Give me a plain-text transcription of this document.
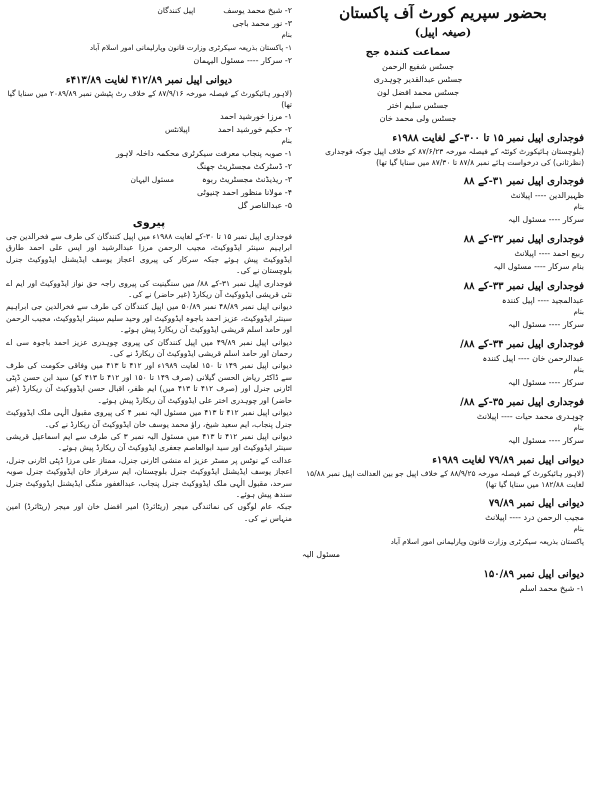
بحضور سپریم کورٹ آف پاکستان
(صیغہ اپیل)
سماعت کنندہ جج
جسٹس شفیع الرحمن
جسٹس عبدالقدیر چوہدری
جسٹس محمد افضل لون
جسٹس سلیم اختر
جسٹس ولی محمد خان
فوجداری اپیل نمبر ۱۵ تا ۳۰۰-کے لغایت ۱۹۸۸ء
(بلوچستان ہائیکورٹ کوئٹہ کے فیصلہ مورخہ ۸۷/۶/۲۳ کے خلاف اپیل جوکہ فوجداری (نظرثانی) کی درخواست ہائے نمبر ۸۷/۸ تا ۸۷/۳۰ میں سنایا گیا تھا)
فوجداری اپیل نمبر ۳۱-کے ۸۸
ظہیرالدین ---- اپیلانٹ
بنام
سرکار ---- مسئول الیہ
فوجداری اپیل نمبر ۳۲-کے ۸۸
ربیع احمد ---- اپیلانٹ
بنام سرکار ---- مسئول الیہ
فوجداری اپیل نمبر ۳۳-کے ۸۸
عبدالمجید ---- اپیل کنندہ
بنام
سرکار ---- مسئول الیہ
فوجداری اپیل نمبر ۳۴-کے ۸۸/
عبدالرحمن خان ---- اپیل کنندہ
بنام
سرکار ---- مسئول الیہ
فوجداری اپیل نمبر ۳۵-کے ۸۸/
چوہدری محمد حیات ---- اپیلانٹ
بنام
سرکار ---- مسئول الیہ
دیوانی اپیل نمبر ۷۹/۸۹ لغایت ۱۹۸۹ء
(لاہور ہائیکورٹ کے فیصلہ مورخہ ۸۸/۹/۲۵ کے خلاف اپیل جو بین العدالت اپیل نمبر ۱۵/۸۸ لغایت ۱۸۲/۸۸ میں سنایا گیا تھا)
دیوانی اپیل نمبر ۷۹/۸۹
مجیب الرحمن درد ---- اپیلانٹ
بنام
پاکستان بذریعہ سیکرٹری وزارت قانون وپارلیمانی امور اسلام آباد
مسئول الیہ
دیوانی اپیل نمبر ۱۵۰/۸۹
۱- شیخ محمد اسلم
۲- شیخ محمد یوسفاپیل کنندگان
۳- نور محمد باجی
بنام
۱- پاکستان بذریعہ سیکرٹری وزارت قانون وپارلیمانی امور اسلام آباد
۲- سرکار ---- مسئول الیہمان
دیوانی اپیل نمبر ۴۱۲/۸۹ لغایت ۴۱۳/۸۹ء
(لاہور ہائیکورٹ کے فیصلہ مورخہ ۸۷/۹/۱۶ کے خلاف رٹ پٹیشن نمبر ۲۰۸۹/۸۹ میں سنایا گیا تھا)
۱- مرزا خورشید احمد
۲- حکیم خورشید احمداپیلانٹس
بنام
۱- صوبہ پنجاب معرفت سیکرٹری محکمہ داخلہ لاہور
۲- ڈسٹرکٹ مجسٹریٹ جھنگ
۳- ریذیڈنٹ مجسٹریٹ ربوہمسئول الیہان
۴- مولانا منظور احمد چنیوٹی
۵- عبدالناصر گل
پیروی

فوجداری اپیل نمبر ۱۵ تا ۳۰-کے لغایت ۱۹۸۸ء میں اپیل کنندگان کی طرف سے فخرالدین جی ابراہیم سینئر ایڈووکیٹ، مجیب الرحمن مرزا عبدالرشید اور ایس علی احمد طارق ایڈووکیٹ پیش ہوئے جبکہ سرکار کی پیروی اعجاز یوسف ایڈیشنل ایڈووکیٹ جنرل بلوچستان نے کی۔

فوجداری اپیل نمبر ۳۱-کے ۸۸/ میں سنگینیت کی پیروی راجہ حق نواز ایڈووکیٹ اور ایم اے نئی قریشی ایڈووکیٹ آن ریکارڈ (غیر حاضر) نے کی۔

دیوانی اپیل نمبر ۴۸/۸۹ نمبر ۵۰/۸۹ میں اپیل کنندگان کی طرف سے فخرالدین جی ابراہیم سینئر ایڈووکیٹ، عزیز احمد باجوہ ایڈووکیٹ اور وحید سلیم سینئر ایڈووکیٹ، مجیب الرحمن اور حامد اسلم قریشی ایڈووکیٹ آن ریکارڈ پیش ہوئے۔

دیوانی اپیل نمبر ۴۹/۸۹ میں اپیل کنندگان کی پیروی چوہدری عزیز احمد باجوہ سی اے رحمان اور حامد اسلم قریشی ایڈووکیٹ آن ریکارڈ نے کی۔

دیوانی اپیل نمبر ۱۴۹ تا ۱۵۰ لغایت ۱۹۸۹ء اور ۴۱۲ تا ۴۱۳ میں وفاقی حکومت کی طرف سے ڈاکٹر ریاض الحسن گیلانی (صرف ۱۴۹ تا ۱۵۰ اور ۴۱۲ تا ۴۱۳ کو) سید ابن حسن ڈپٹی اٹارنی جنرل اور (صرف ۴۱۲ تا ۴۱۳ میں) ایم ظفر، اقبال حسن ایڈووکیٹ آن ریکارڈ (غیر حاضر) اور چوہدری اختر علی ایڈووکیٹ آن ریکارڈ پیش ہوئے۔

دیوانی اپیل نمبر ۴۱۲ تا ۴۱۳ میں مسئول الیہ نمبر ۴ کی پیروی مقبول الٰہی ملک ایڈووکیٹ جنرل پنجاب، ایم سعید شیخ، راؤ محمد یوسف خان ایڈووکیٹ آن ریکارڈ نے کی۔

دیوانی اپیل نمبر ۴۱۲ تا ۴۱۳ میں مسئول الیہ نمبر ۳ کی طرف سے ایم اسماعیل قریشی سینئر ایڈووکیٹ اور سید ابوالعاصم جعفری ایڈووکیٹ آن ریکارڈ پیش ہوئے۔

عدالت کے نوٹس پر مسٹر عزیز اے منشی اٹارنی جنرل، ممتاز علی مرزا ڈپٹی اٹارنی جنرل، اعجاز یوسف ایڈیشنل ایڈووکیٹ جنرل بلوچستان، ایم سرفراز خان ایڈووکیٹ جنرل صوبہ سرحد، مقبول الٰہی ملک ایڈووکیٹ جنرل پنجاب، عبدالغفور منگی ایڈیشنل ایڈووکیٹ جنرل سندھ پیش ہوئے۔

جبکہ عام لوگوں کی نمائندگی میجر (ریٹائرڈ) امیر افضل خان اور میجر (ریٹائرڈ) امین منہاس نے کی۔
